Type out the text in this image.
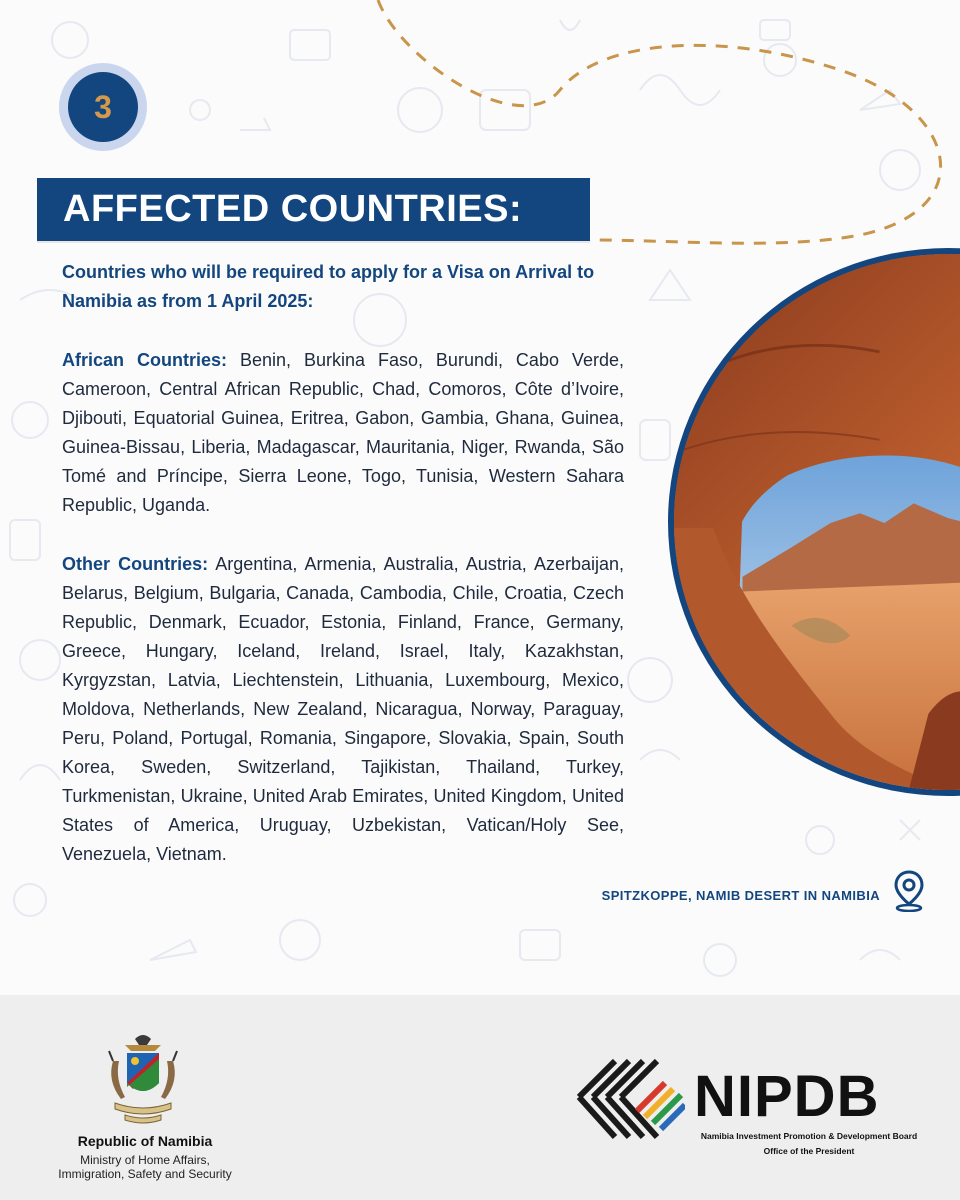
3
AFFECTED COUNTRIES:

Countries who will be required to apply for a Visa on Arrival to Namibia as from 1 April 2025:

African Countries: Benin, Burkina Faso, Burundi, Cabo Verde, Cameroon, Central African Republic, Chad, Comoros, Côte d’Ivoire, Djibouti, Equatorial Guinea, Eritrea, Gabon, Gambia, Ghana, Guinea, Guinea-Bissau, Liberia, Madagascar, Mauritania, Niger, Rwanda, São Tomé and Príncipe, Sierra Leone, Togo, Tunisia, Western Sahara Republic, Uganda.

Other Countries: Argentina, Armenia, Australia, Austria, Azerbaijan, Belarus, Belgium, Bulgaria, Canada, Cambodia, Chile, Croatia, Czech Republic, Denmark, Ecuador, Estonia, Finland, France, Germany, Greece, Hungary, Iceland, Ireland, Israel, Italy, Kazakhstan, Kyrgyzstan, Latvia, Liechtenstein, Lithuania, Luxembourg, Mexico, Moldova, Netherlands, New Zealand, Nicaragua, Norway, Paraguay, Peru, Poland, Portugal, Romania, Singapore, Slovakia, Spain, South Korea, Sweden, Switzerland, Tajikistan, Thailand, Turkey, Turkmenistan, Ukraine, United Arab Emirates, United Kingdom, United States of America, Uruguay, Uzbekistan, Vatican/Holy See, Venezuela, Vietnam.

SPITZKOPPE, NAMIB DESERT IN NAMIBIA
Republic of Namibia
Ministry of Home Affairs,
Immigration, Safety and Security
NIPDB
Namibia Investment Promotion & Development Board
Office of the President
